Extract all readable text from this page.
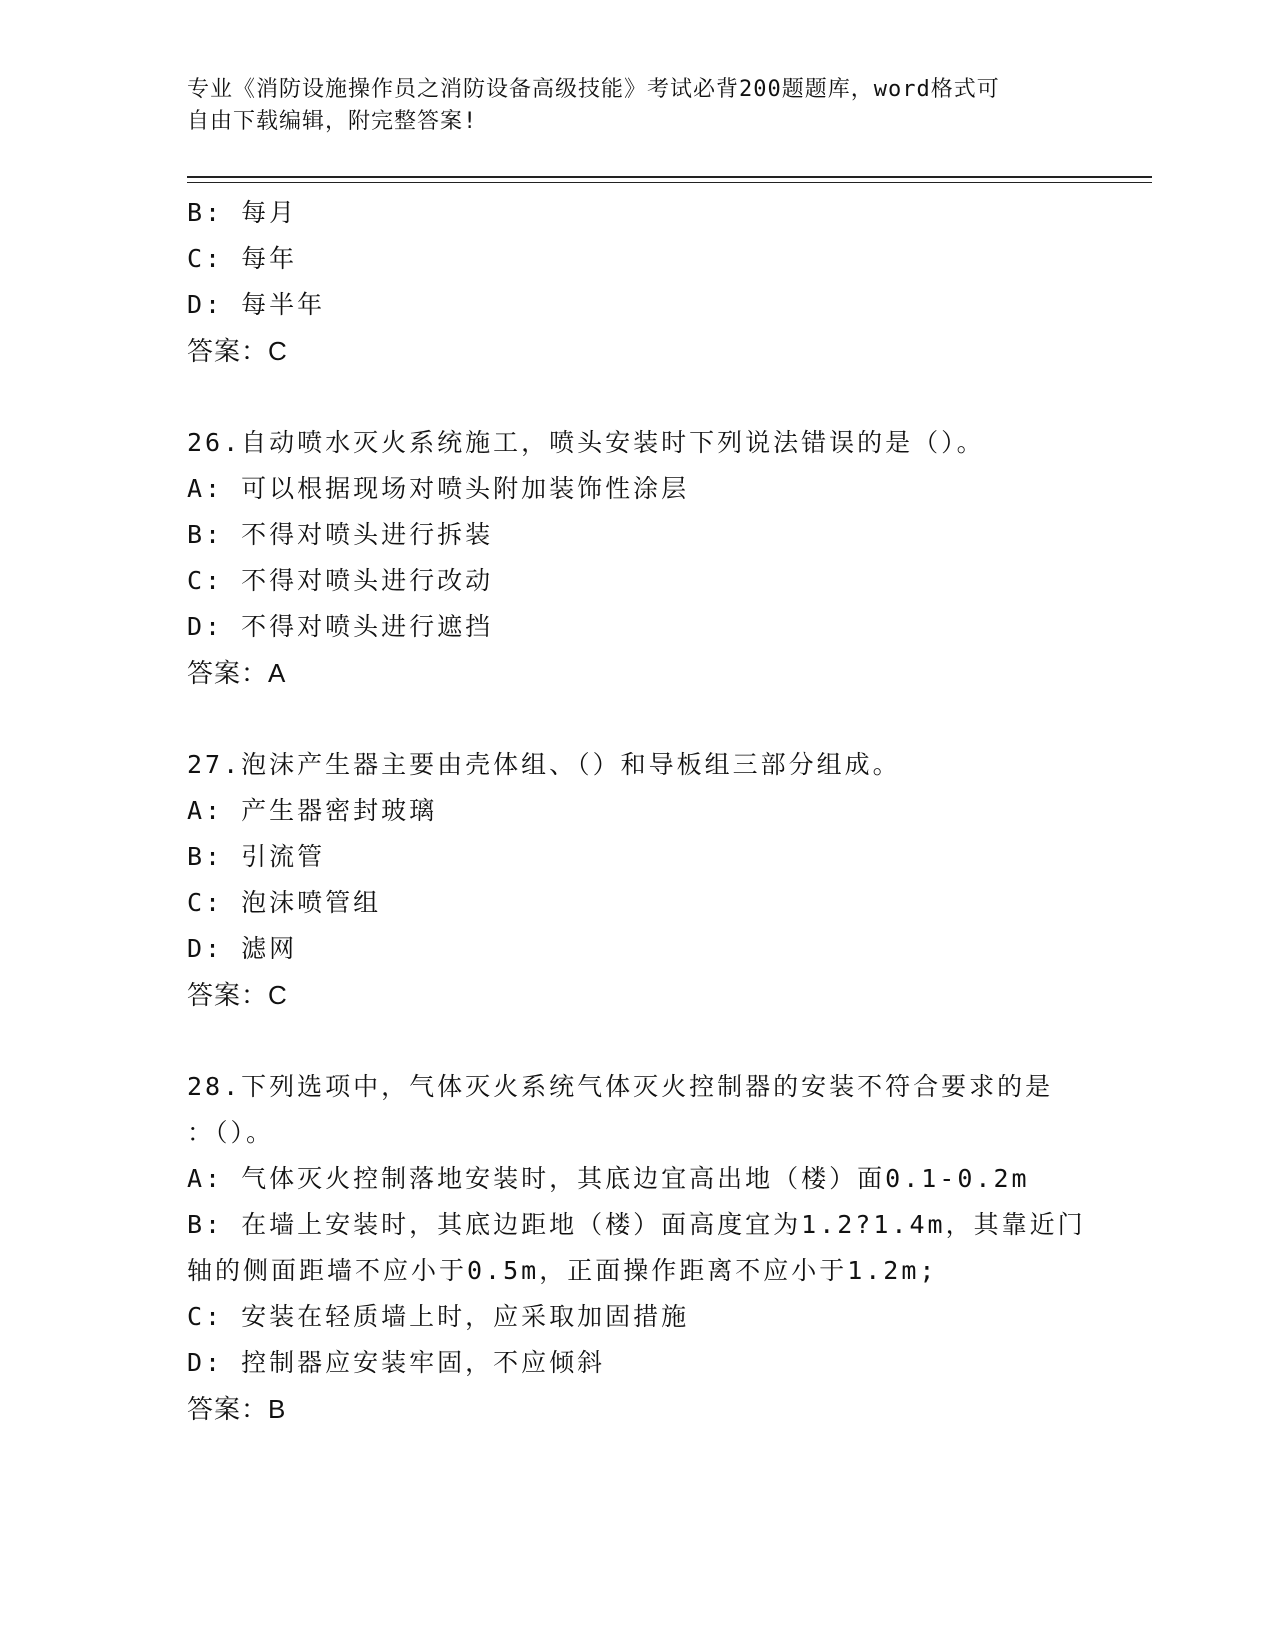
专业《消防设施操作员之消防设备高级技能》考试必背200题题库，word格式可
自由下载编辑，附完整答案!
B: 每月
C: 每年
D: 每半年
答案：C
26.自动喷水灭火系统施工，喷头安装时下列说法错误的是（）。
A: 可以根据现场对喷头附加装饰性涂层
B: 不得对喷头进行拆装
C: 不得对喷头进行改动
D: 不得对喷头进行遮挡
答案：A
27.泡沫产生器主要由壳体组、（）和导板组三部分组成。
A: 产生器密封玻璃
B: 引流管
C: 泡沫喷管组
D: 滤网
答案：C
28.下列选项中，气体灭火系统气体灭火控制器的安装不符合要求的是
：（）。
A: 气体灭火控制落地安装时，其底边宜高出地（楼）面0.1-0.2m
B: 在墙上安装时，其底边距地（楼）面高度宜为1.2?1.4m，其靠近门
轴的侧面距墙不应小于0.5m，正面操作距离不应小于1.2m;
C: 安装在轻质墙上时，应采取加固措施
D: 控制器应安装牢固，不应倾斜
答案：B
